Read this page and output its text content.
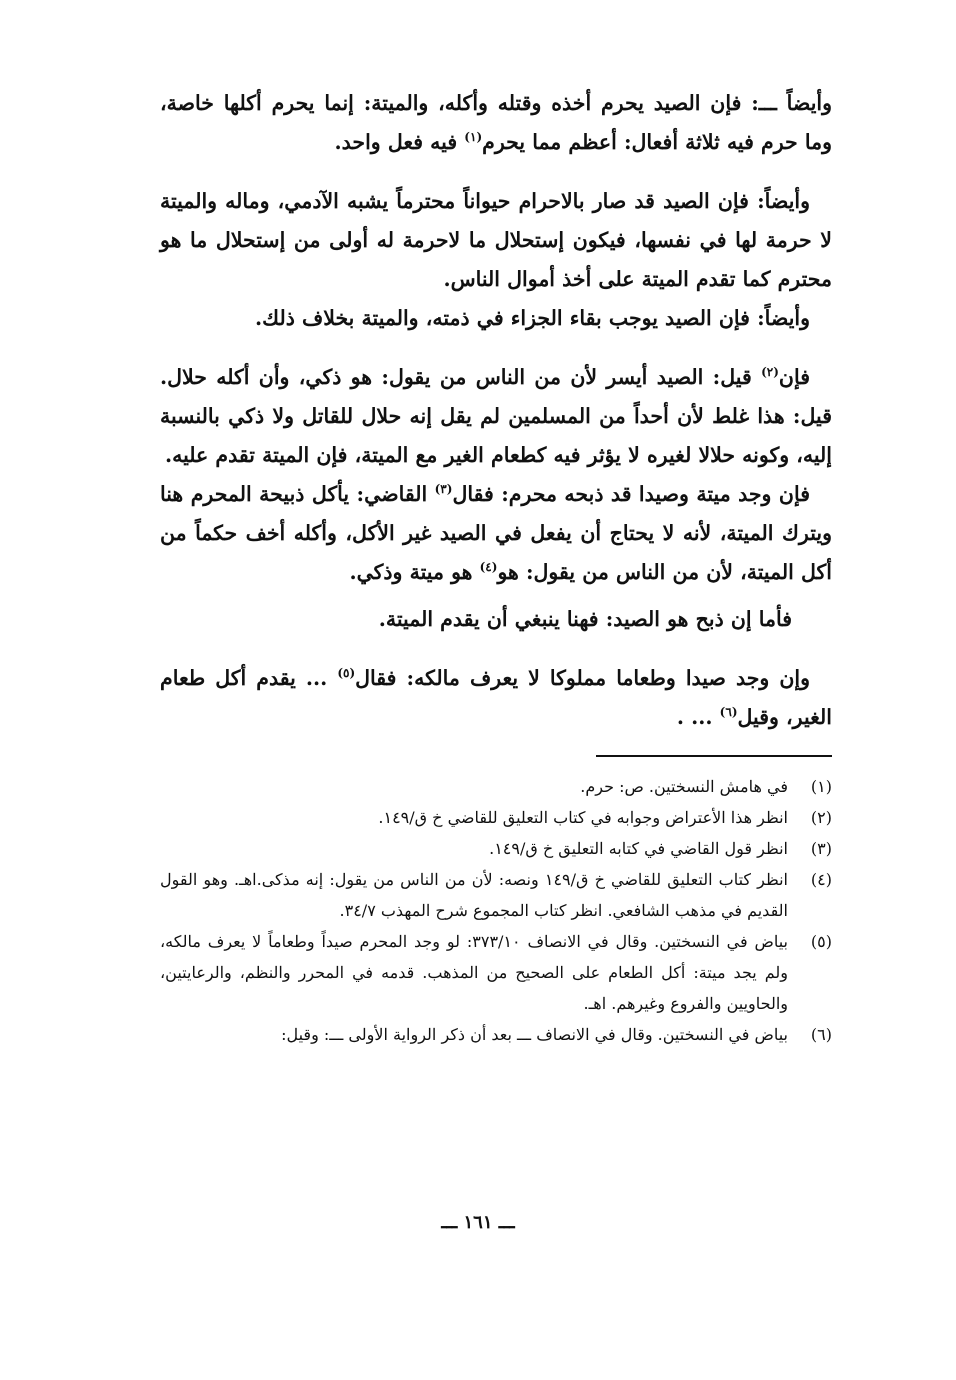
وأيضاً ـــ: فإن الصيد يحرم أخذه وقتله وأكله، والميتة: إنما يحرم أكلها خاصة، وما حرم فيه ثلاثة أفعال: أعظم مما يحرم$^{(١)}$ فيه فعل واحد.

وأيضاً: فإن الصيد قد صار بالاحرام حيواناً محترماً يشبه الآدمي، وماله والميتة لا حرمة لها في نفسها، فيكون إستحلال ما لاحرمة له أولى من إستحلال ما هو محترم كما تقدم الميتة على أخذ أموال الناس.

وأيضاً: فإن الصيد يوجب بقاء الجزاء في ذمته، والميتة بخلاف ذلك.

فإن$^{(٢)}$ قيل: الصيد أيسر لأن من الناس من يقول: هو ذكي، وأن أكله حلال. قيل: هذا غلط لأن أحداً من المسلمين لم يقل إنه حلال للقاتل ولا ذكي بالنسبة إليه، وكونه حلالا لغيره لا يؤثر فيه كطعام الغير مع الميتة، فإن الميتة تقدم عليه.

فإن وجد ميتة وصيدا قد ذبحه محرم: فقال$^{(٣)}$ القاضي: يأكل ذبيحة المحرم هنا ويترك الميتة، لأنه لا يحتاج أن يفعل في الصيد غير الأكل، وأكله أخف حكماً من أكل الميتة، لأن من الناس من يقول: هو$^{(٤)}$ هو ميتة وذكي.

فأما إن ذبح هو الصيد: فهنا ينبغي أن يقدم الميتة.

وإن وجد صيدا وطعاما مملوكا لا يعرف مالكه: فقال$^{(٥)}$ ... يقدم أكل طعام الغير، وقيل$^{(٦)}$ ... .

(١)
في هامش النسختين. ص: حرم.
(٢)
انظر هذا الأعتراض وجوابه في كتاب التعليق للقاضي خ ق/١٤٩.
(٣)
انظر قول القاضي في كتابه التعليق خ ق/١٤٩.
(٤)
انظر كتاب التعليق للقاضي خ ق/١٤٩ ونصه: لأن من الناس من يقول: إنه مذكى.اهـ. وهو القول القديم في مذهب الشافعي. انظر كتاب المجموع شرح المهذب ٣٤/٧.
(٥)
بياض في النسختين. وقال في الانصاف ٣٧٣/١٠: لو وجد المحرم صيداً وطعاماً لا يعرف مالكه، ولم يجد ميتة: أكل الطعام على الصحيح من المذهب. قدمه في المحرر والنظم، والرعايتين، والحاويين والفروع وغيرهم. اهـ.
(٦)
بياض في النسختين. وقال في الانصاف ـــ بعد أن ذكر الرواية الأولى ـــ: وقيل:
ـــ ١٦١ ـــ
